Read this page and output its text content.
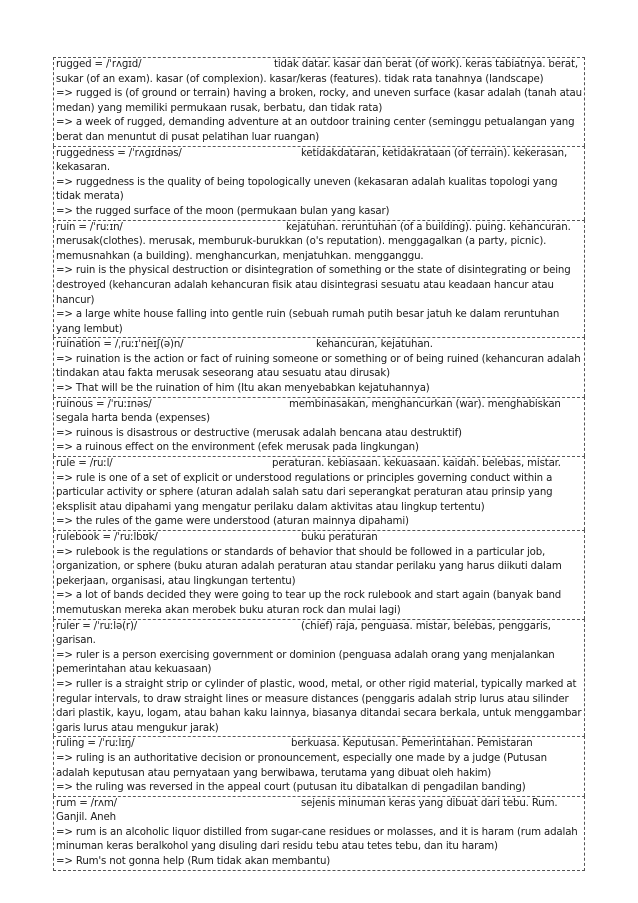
rugged = /ˈrʌɡɪd/	tidak datar. kasar dan berat (of work). keras tabiatnya. berat, sukar (of an exam). kasar (of complexion). kasar/keras (features). tidak rata tanahnya (landscape)
=> rugged is (of ground or terrain) having a broken, rocky, and uneven surface (kasar adalah (tanah atau medan) yang memiliki permukaan rusak, berbatu, dan tidak rata)
=> a week of rugged, demanding adventure at an outdoor training center (seminggu petualangan yang berat dan menuntut di pusat pelatihan luar ruangan)
ruggedness = /ˈrʌɡɪdnəs/	ketidakdataran, ketidakrataan (of terrain). kekerasan, kekasaran.
=> ruggedness is the quality of being topologically uneven (kekasaran adalah kualitas topologi yang tidak merata)
=> the rugged surface of the moon (permukaan bulan yang kasar)
ruin = /ˈruːɪn/	kejatuhan. reruntuhan (of a building). puing. kehancuran. merusak(clothes). merusak, memburuk-burukkan (o's reputation). menggagalkan (a party, picnic). memusnahkan (a building). menghancurkan, menjatuhkan. mengganggu.
=> ruin is the physical destruction or disintegration of something or the state of disintegrating or being destroyed (kehancuran adalah kehancuran fisik atau disintegrasi sesuatu atau keadaan hancur atau hancur)
=> a large white house falling into gentle ruin (sebuah rumah putih besar jatuh ke dalam reruntuhan yang lembut)
ruination = /ˌruːɪˈneɪʃ(ə)n/	kehancuran, kejatuhan.
=> ruination is the action or fact of ruining someone or something or of being ruined (kehancuran adalah tindakan atau fakta merusak seseorang atau sesuatu atau dirusak)
=> That will be the ruination of him (Itu akan menyebabkan kejatuhannya)
ruinous = /ˈruːɪnəs/	membinasakan, menghancurkan (war). menghabiskan segala harta benda (expenses)
=> ruinous is disastrous or destructive (merusak adalah bencana atau destruktif)
=> a ruinous effect on the environment (efek merusak pada lingkungan)
rule = /ruːl/	peraturan. kebiasaan. kekuasaan. kaidah. belebas, mistar.
=> rule is one of a set of explicit or understood regulations or principles governing conduct within a particular activity or sphere (aturan adalah salah satu dari seperangkat peraturan atau prinsip yang eksplisit atau dipahami yang mengatur perilaku dalam aktivitas atau lingkup tertentu)
=> the rules of the game were understood (aturan mainnya dipahami)
rulebook = /ˈruːlbʊk/	buku peraturan
=> rulebook is the regulations or standards of behavior that should be followed in a particular job, organization, or sphere (buku aturan adalah peraturan atau standar perilaku yang harus diikuti dalam pekerjaan, organisasi, atau lingkungan tertentu)
=> a lot of bands decided they were going to tear up the rock rulebook and start again (banyak band memutuskan mereka akan merobek buku aturan rock dan mulai lagi)
ruler = /ˈruːlə(r)/	(chief) raja, penguasa. mistar, belebas, penggaris, garisan.
=> ruler is a person exercising government or dominion (penguasa adalah orang yang menjalankan pemerintahan atau kekuasaan)
=> ruller is a straight strip or cylinder of plastic, wood, metal, or other rigid material, typically marked at regular intervals, to draw straight lines or measure distances (penggaris adalah strip lurus atau silinder dari plastik, kayu, logam, atau bahan kaku lainnya, biasanya ditandai secara berkala, untuk menggambar garis lurus atau mengukur jarak)
ruling = /ˈruːlɪŋ/	berkuasa. Keputusan. Pemerintahan. Pemistaran
=> ruling is an authoritative decision or pronouncement, especially one made by a judge (Putusan adalah keputusan atau pernyataan yang berwibawa, terutama yang dibuat oleh hakim)
=> the ruling was reversed in the appeal court (putusan itu dibatalkan di pengadilan banding)
rum = /rʌm/	sejenis minuman keras yang dibuat dari tebu. Rum. Ganjil. Aneh
=> rum is an alcoholic liquor distilled from sugar-cane residues or molasses, and it is haram (rum adalah minuman keras beralkohol yang disuling dari residu tebu atau tetes tebu, dan itu haram)
=> Rum's not gonna help (Rum tidak akan membantu)
